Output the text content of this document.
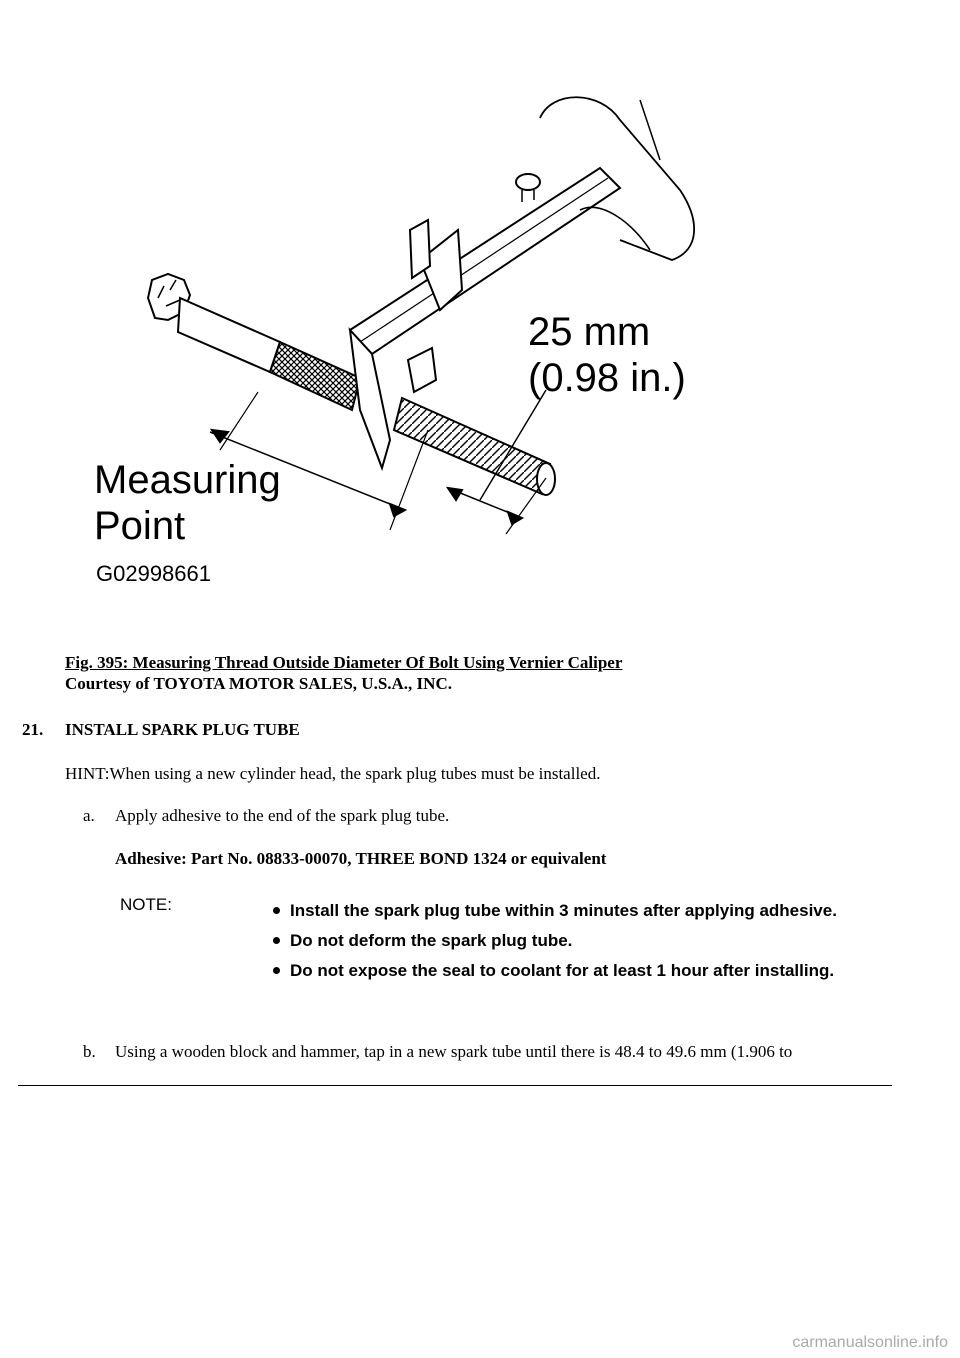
25 mm
(0.98 in.)
Measuring
Point
G02998661
Fig. 395: Measuring Thread Outside Diameter Of Bolt Using Vernier Caliper
Courtesy of TOYOTA MOTOR SALES, U.S.A., INC.
21. INSTALL SPARK PLUG TUBE
HINT:When using a new cylinder head, the spark plug tubes must be installed.
a. Apply adhesive to the end of the spark plug tube.
Adhesive: Part No. 08833-00070, THREE BOND 1324 or equivalent
NOTE:	Install the spark plug tube within 3 minutes after applying adhesive.
Do not deform the spark plug tube.
Do not expose the seal to coolant for at least 1 hour after installing.
b. Using a wooden block and hammer, tap in a new spark tube until there is 48.4 to 49.6 mm (1.906 to
carmanualsonline.info
